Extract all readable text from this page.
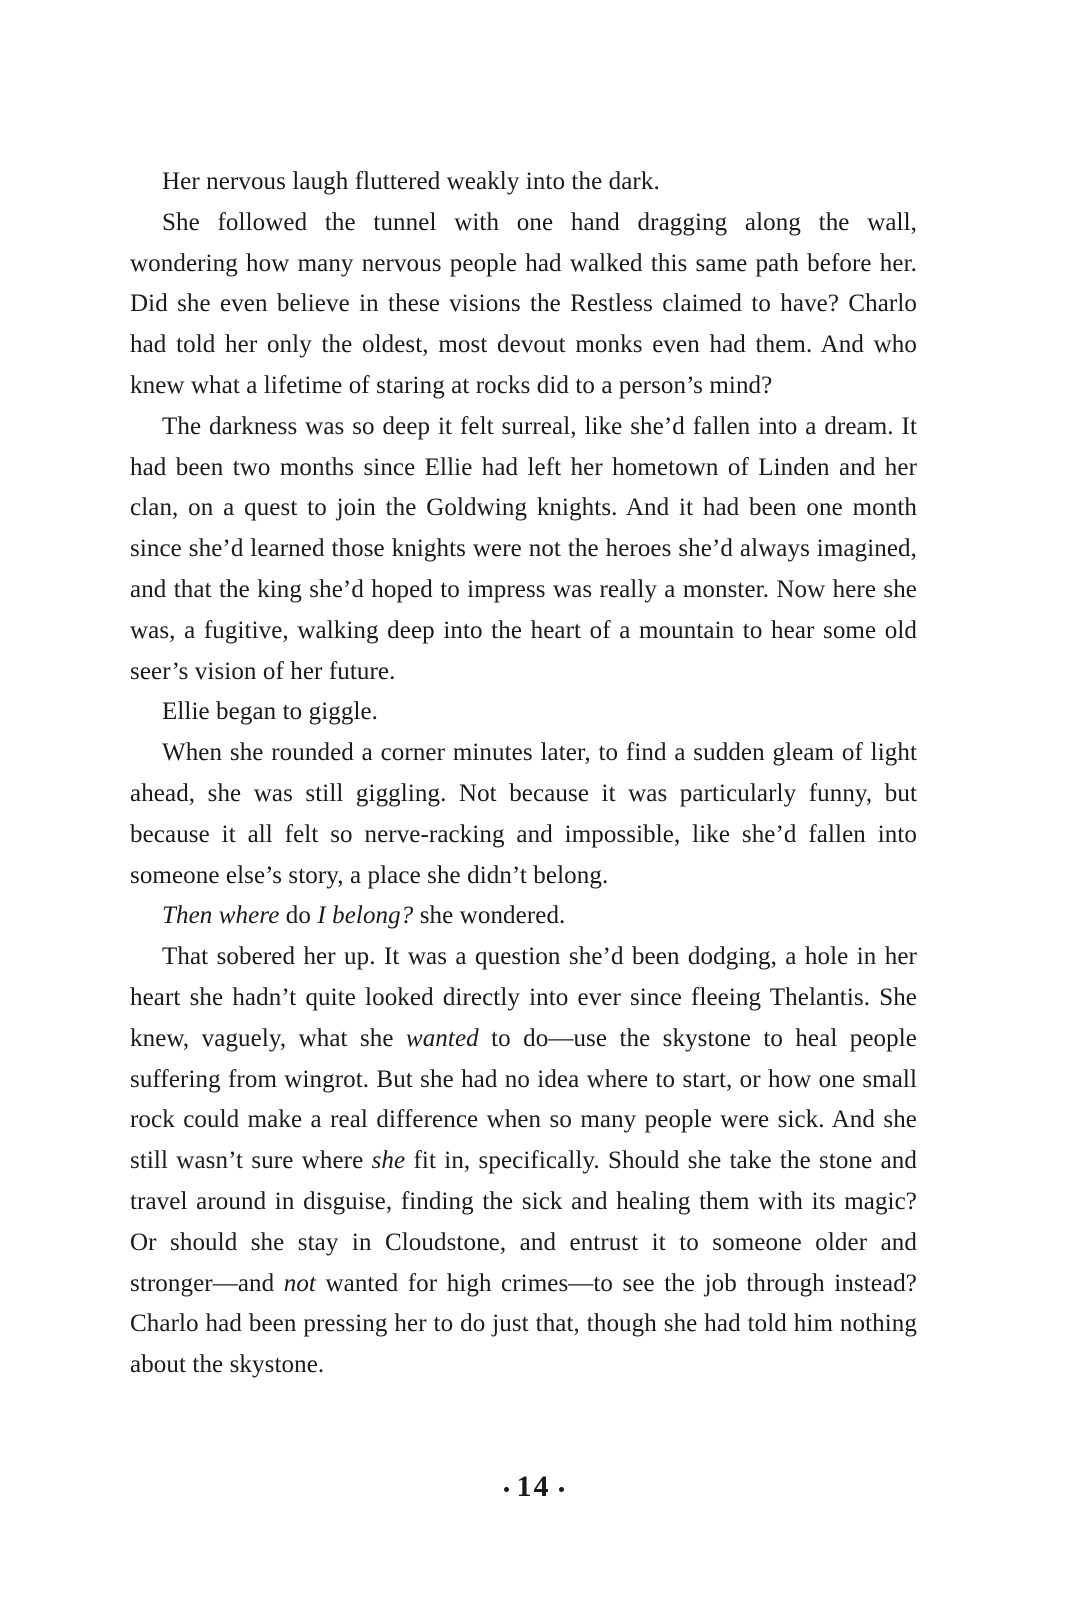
Her nervous laugh fluttered weakly into the dark.

She followed the tunnel with one hand dragging along the wall, wondering how many nervous people had walked this same path before her. Did she even believe in these visions the Restless claimed to have? Charlo had told her only the oldest, most devout monks even had them. And who knew what a lifetime of staring at rocks did to a person’s mind?

The darkness was so deep it felt surreal, like she’d fallen into a dream. It had been two months since Ellie had left her hometown of Linden and her clan, on a quest to join the Goldwing knights. And it had been one month since she’d learned those knights were not the heroes she’d always imagined, and that the king she’d hoped to impress was really a monster. Now here she was, a fugitive, walking deep into the heart of a mountain to hear some old seer’s vision of her future.

Ellie began to giggle.

When she rounded a corner minutes later, to find a sudden gleam of light ahead, she was still giggling. Not because it was particularly funny, but because it all felt so nerve-racking and impossible, like she’d fallen into someone else’s story, a place she didn’t belong.

Then where do I belong? she wondered.

That sobered her up. It was a question she’d been dodging, a hole in her heart she hadn’t quite looked directly into ever since fleeing Thelantis. She knew, vaguely, what she wanted to do—use the skystone to heal people suffering from wingrot. But she had no idea where to start, or how one small rock could make a real difference when so many people were sick. And she still wasn’t sure where she fit in, specifically. Should she take the stone and travel around in disguise, finding the sick and healing them with its magic? Or should she stay in Cloudstone, and entrust it to someone older and stronger—and not wanted for high crimes—to see the job through instead? Charlo had been pressing her to do just that, though she had told him nothing about the skystone.

14
